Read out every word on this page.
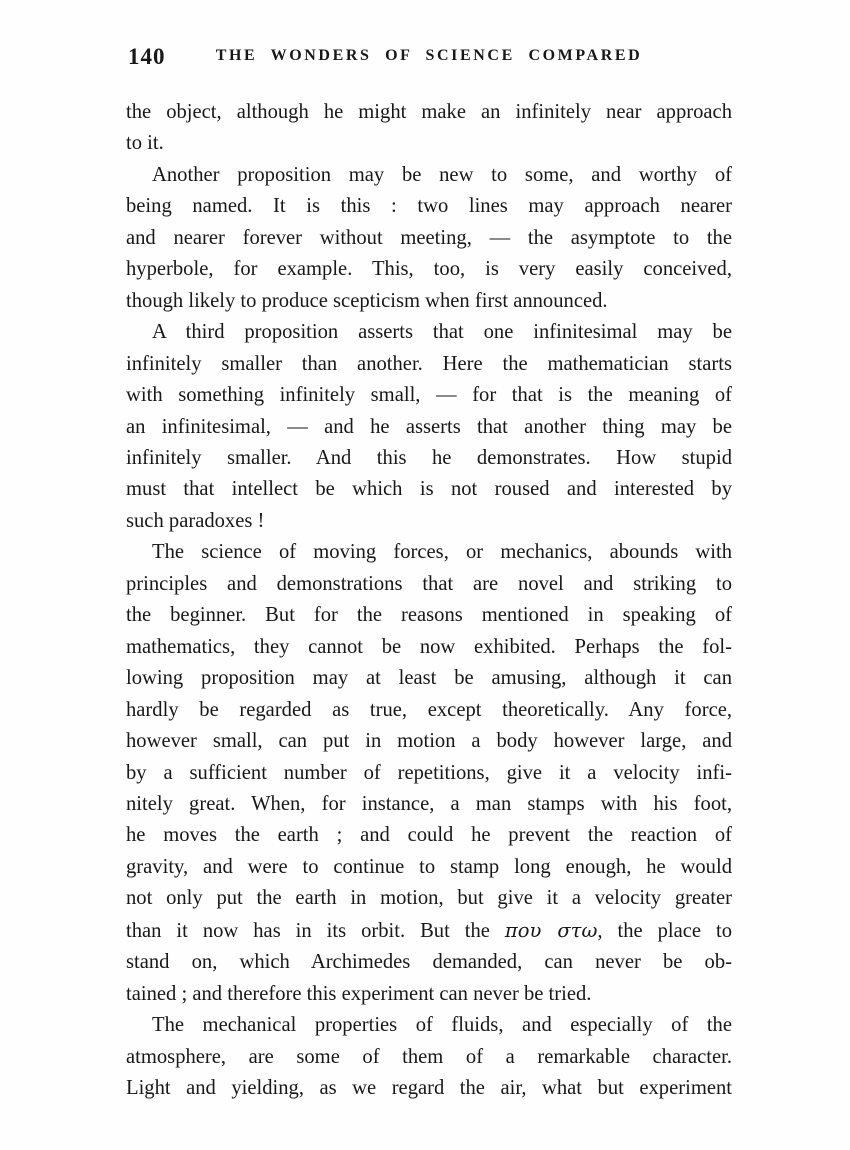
140	THE WONDERS OF SCIENCE COMPARED
the object, although he might make an infinitely near approach
to it.
Another proposition may be new to some, and worthy of
being named. It is this : two lines may approach nearer
and nearer forever without meeting, — the asymptote to the
hyperbole, for example. This, too, is very easily conceived,
though likely to produce scepticism when first announced.
A third proposition asserts that one infinitesimal may be
infinitely smaller than another. Here the mathematician starts
with something infinitely small, — for that is the meaning of
an infinitesimal, — and he asserts that another thing may be
infinitely smaller. And this he demonstrates. How stupid
must that intellect be which is not roused and interested by
such paradoxes !
The science of moving forces, or mechanics, abounds with
principles and demonstrations that are novel and striking to
the beginner. But for the reasons mentioned in speaking of
mathematics, they cannot be now exhibited. Perhaps the fol-
lowing proposition may at least be amusing, although it can
hardly be regarded as true, except theoretically. Any force,
however small, can put in motion a body however large, and
by a sufficient number of repetitions, give it a velocity infi-
nitely great. When, for instance, a man stamps with his foot,
he moves the earth ; and could he prevent the reaction of
gravity, and were to continue to stamp long enough, he would
not only put the earth in motion, but give it a velocity greater
than it now has in its orbit. But the που στω, the place to
stand on, which Archimedes demanded, can never be ob-
tained ; and therefore this experiment can never be tried.
The mechanical properties of fluids, and especially of the
atmosphere, are some of them of a remarkable character.
Light and yielding, as we regard the air, what but experiment
